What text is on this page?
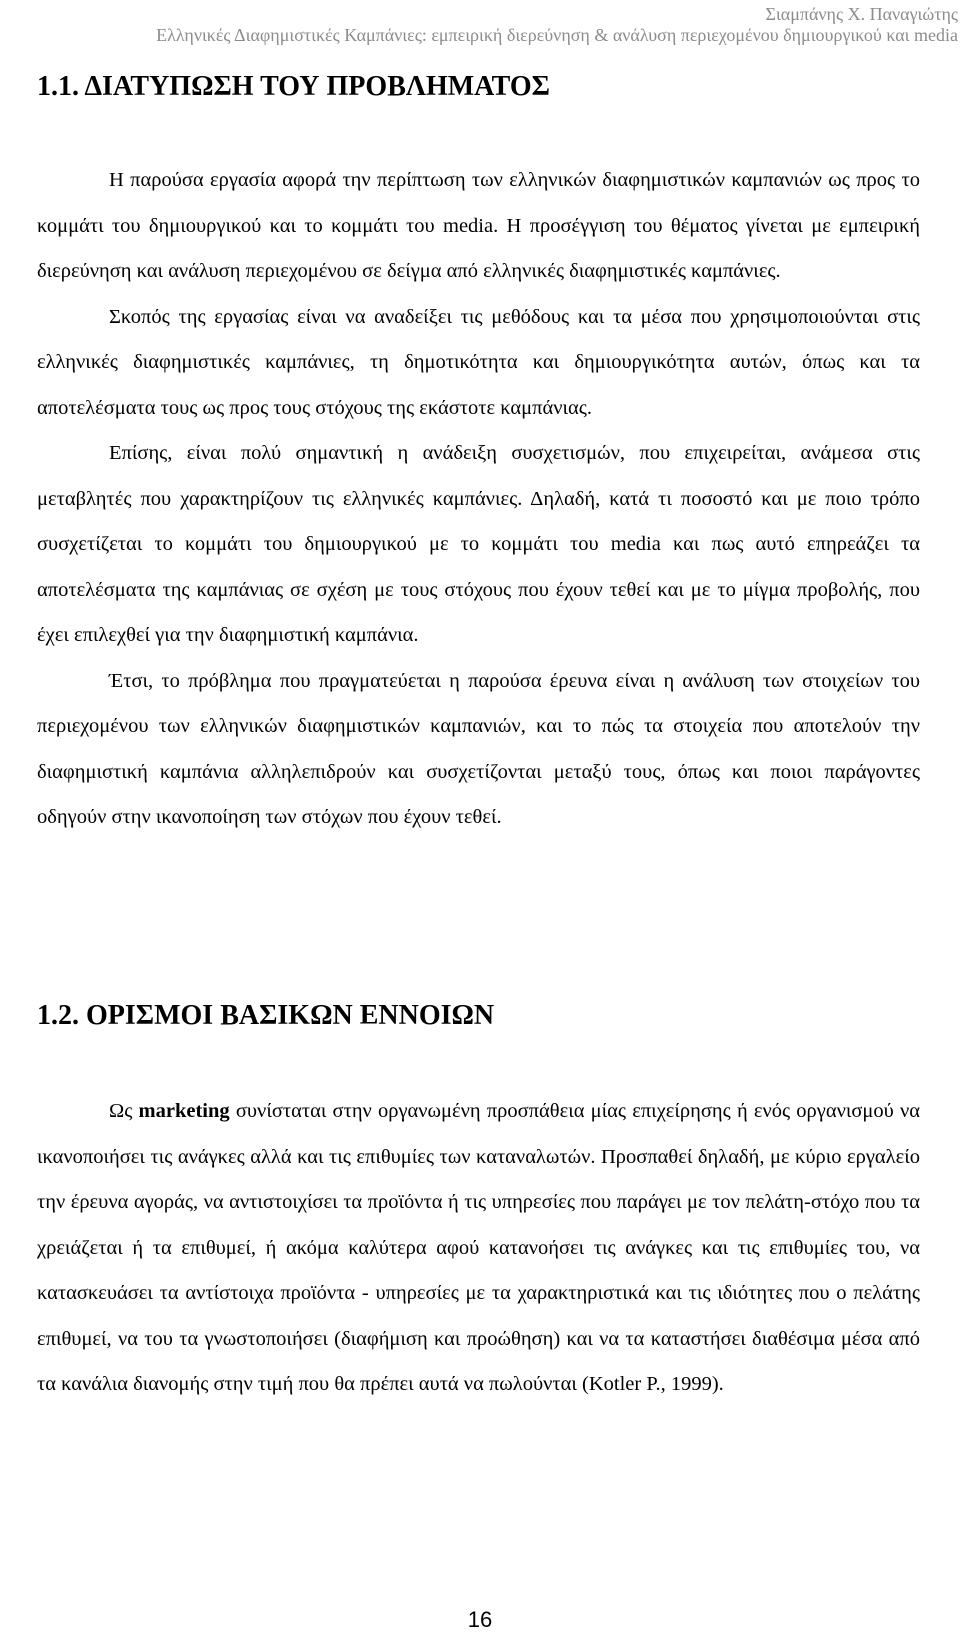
Σιαμπάνης Χ. Παναγιώτης
Ελληνικές Διαφημιστικές Καμπάνιες: εμπειρική διερεύνηση & ανάλυση περιεχομένου δημιουργικού και media
1.1. ΔΙΑΤΥΠΩΣΗ ΤΟΥ ΠΡΟΒΛΗΜΑΤΟΣ

Η παρούσα εργασία αφορά την περίπτωση των ελληνικών διαφημιστικών καμπανιών ως προς το κομμάτι του δημιουργικού και το κομμάτι του media. Η προσέγγιση του θέματος γίνεται με εμπειρική διερεύνηση και ανάλυση περιεχομένου σε δείγμα από ελληνικές διαφημιστικές καμπάνιες.

Σκοπός της εργασίας είναι να αναδείξει τις μεθόδους και τα μέσα που χρησιμοποιούνται στις ελληνικές διαφημιστικές καμπάνιες, τη δημοτικότητα και δημιουργικότητα αυτών, όπως και τα αποτελέσματα τους ως προς τους στόχους της εκάστοτε καμπάνιας.

Επίσης, είναι πολύ σημαντική η ανάδειξη συσχετισμών, που επιχειρείται, ανάμεσα στις μεταβλητές που χαρακτηρίζουν τις ελληνικές καμπάνιες. Δηλαδή, κατά τι ποσοστό και με ποιο τρόπο συσχετίζεται το κομμάτι του δημιουργικού με το κομμάτι του media και πως αυτό επηρεάζει τα αποτελέσματα της καμπάνιας σε σχέση με τους στόχους που έχουν τεθεί και με το μίγμα προβολής, που έχει επιλεχθεί για την διαφημιστική καμπάνια.

Έτσι, το πρόβλημα που πραγματεύεται η παρούσα έρευνα είναι η ανάλυση των στοιχείων του περιεχομένου των ελληνικών διαφημιστικών καμπανιών, και το πώς τα στοιχεία που αποτελούν την διαφημιστική καμπάνια αλληλεπιδρούν και συσχετίζονται μεταξύ τους, όπως και ποιοι παράγοντες οδηγούν στην ικανοποίηση των στόχων που έχουν τεθεί.

1.2. ΟΡΙΣΜΟΙ ΒΑΣΙΚΩΝ ΕΝΝΟΙΩΝ

Ως marketing συνίσταται στην οργανωμένη προσπάθεια μίας επιχείρησης ή ενός οργανισμού να ικανοποιήσει τις ανάγκες αλλά και τις επιθυμίες των καταναλωτών. Προσπαθεί δηλαδή, με κύριο εργαλείο την έρευνα αγοράς, να αντιστοιχίσει τα προϊόντα ή τις υπηρεσίες που παράγει με τον πελάτη-στόχο που τα χρειάζεται ή τα επιθυμεί, ή ακόμα καλύτερα αφού κατανοήσει τις ανάγκες και τις επιθυμίες του, να κατασκευάσει τα αντίστοιχα προϊόντα - υπηρεσίες με τα χαρακτηριστικά και τις ιδιότητες που ο πελάτης επιθυμεί, να του τα γνωστοποιήσει (διαφήμιση και προώθηση) και να τα καταστήσει διαθέσιμα μέσα από τα κανάλια διανομής στην τιμή που θα πρέπει αυτά να πωλούνται (Kotler P., 1999).

16
